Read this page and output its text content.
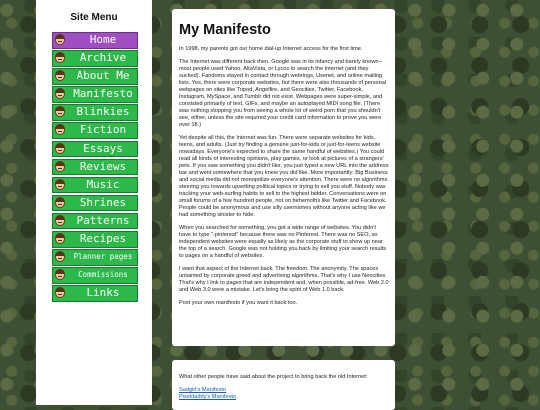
Site Menu
Home
Archive
About Me
Manifesto
Blinkies
Fiction
Essays
Reviews
Music
Shrines
Patterns
Recipes
Planner pages
Commissions
Links
My Manifesto

In 1998, my parents got our home dial-up Internet access for the first time.

The Internet was different back then. Google was in its infancy and barely known--most people used Yahoo, AltaVista, or Lycos to search the Internet (and they sucked). Fandoms stayed in contact through webrings, Usenet, and online mailing lists. Yes, there were corporate websites, but there were also thousands of personal webpages on sites like Tripod, Angelfire, and Geocities. Twitter, Facebook, Instagram, MySpace, and Tumblr did not exist. Webpages were super-simple, and consisted primarily of text, GIFs, and maybe an autoplayed MIDI song file. (There was nothing stopping you from seeing a whole lot of weird porn that you shouldn't see, either, unless the site required your credit card information to prove you were over 18.)

Yet despite all this, the Internet was fun. There were separate websites for kids, teens, and adults. (Just try finding a genuine just-for-kids or just-for-teens website nowadays. Everyone's expected to share the same handful of websites.) You could read all kinds of interesting opinions, play games, or look at pictures of a strangers' pets. If you saw something you didn't like, you just typed a new URL into the address bar and went somewhere that you knew you did like. More importantly: Big Business and social media did not monopolize everyone's attention. There were no algorithms steering you towards upsetting political topics or trying to sell you stuff. Nobody was tracking your web-surfing habits to sell to the highest bidder. Conversations were on small forums of a few hundred people, not on behemoths like Twitter and Facebook. People could be anonymous and use silly usernames without anyone acting like we had something sinister to hide.

When you searched for something, you got a wide range of websites. You didn't have to type "-pinterest" because there was no Pinterest. There was no SEO, so independent websites were equally as likely as the corporate stuff to show up near the top of a search. Google was not holding you back by limiting your search results to pages on a handful of websites.

I want that aspect of the Internet back. The freedom. The anonymity. The spaces untainted by corporate greed and advertising algorithms. That's why I use Neocities. That's why I link to pages that are independent and, when possible, ad-free. Web 2.0 and Web 3.0 were a mistake. Let's bring the spirit of Web 1.0 back.

Post your own manifesto if you want it back too.

What other people have said about the project to bring back the old Internet:

Sadgirl's Manifesto
Pixeldaddy's Manifesto
